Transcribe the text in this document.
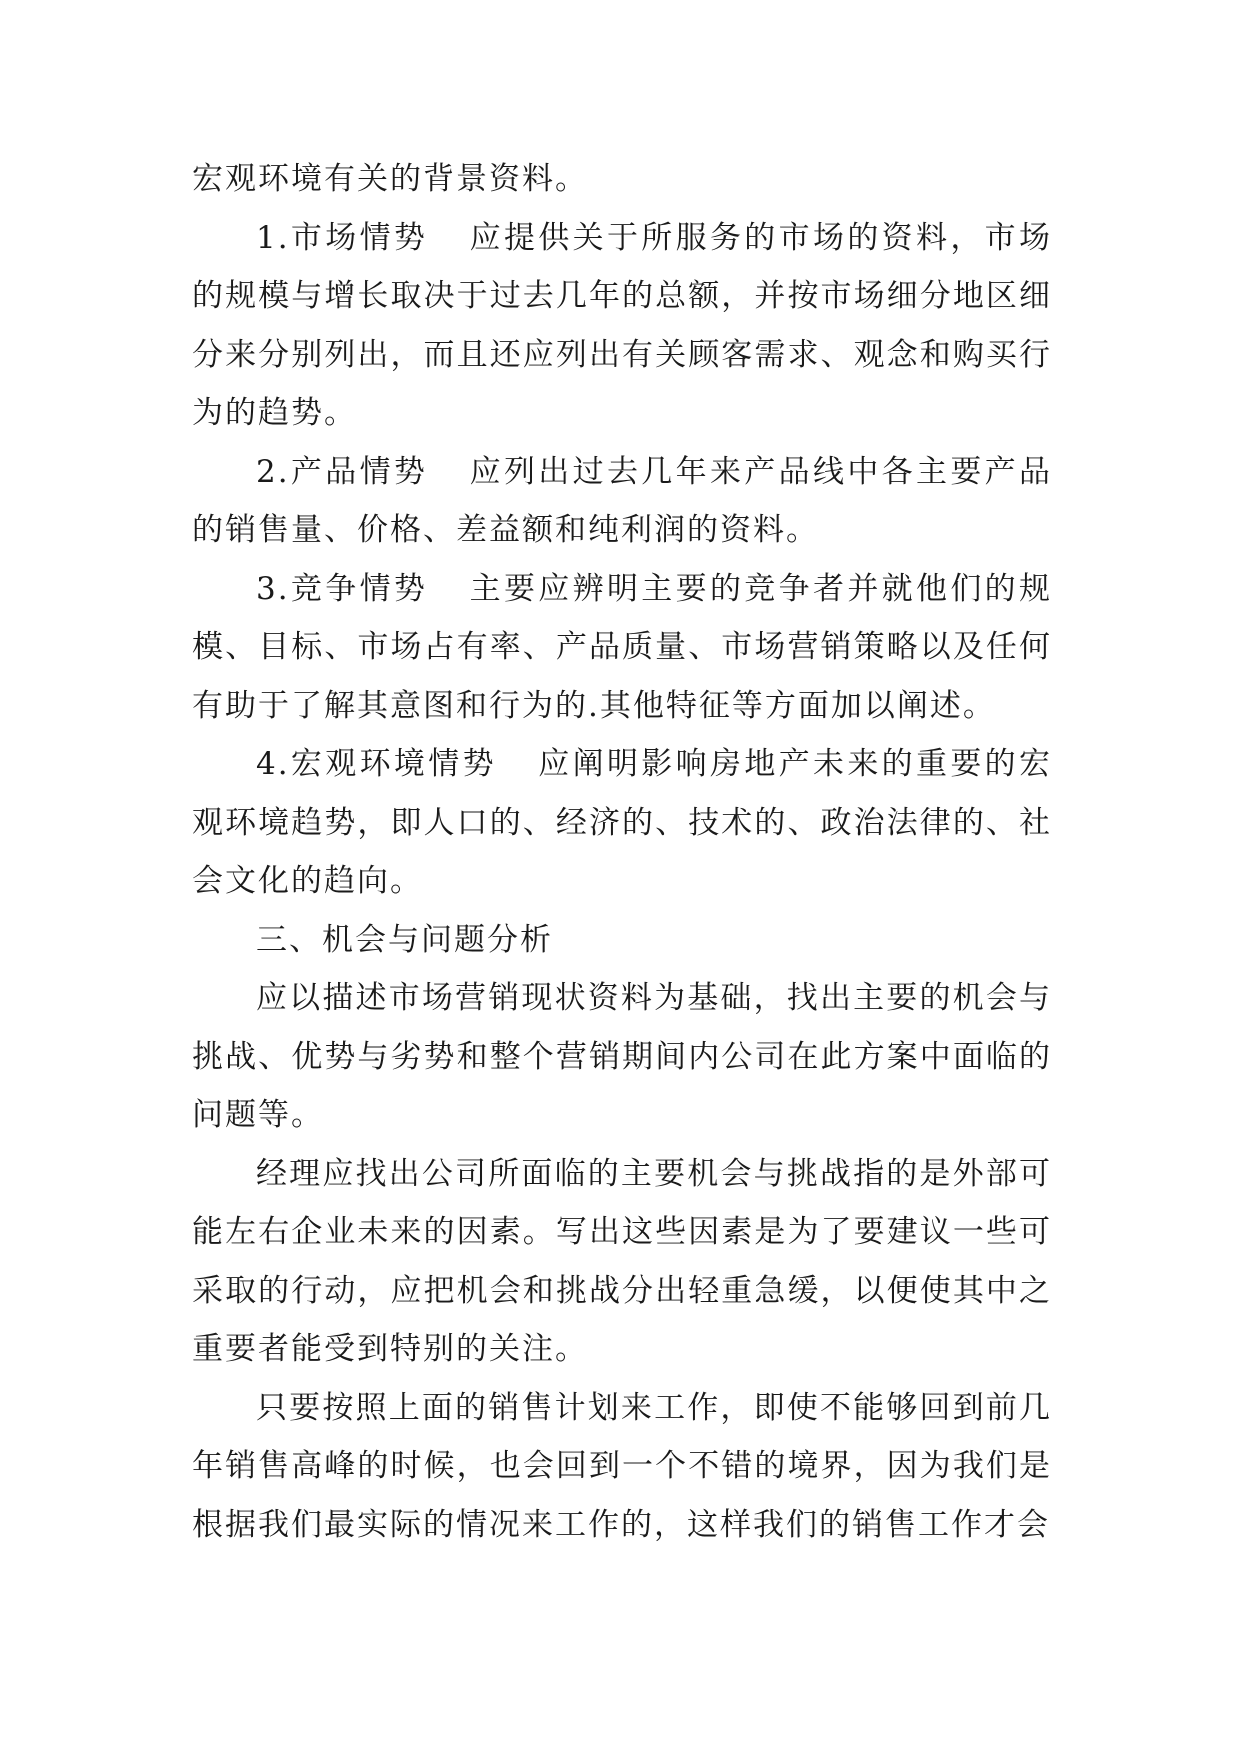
宏观环境有关的背景资料。

1.市场情势 应提供关于所服务的市场的资料，市场的规模与增长取决于过去几年的总额，并按市场细分地区细分来分别列出，而且还应列出有关顾客需求、观念和购买行为的趋势。

2.产品情势 应列出过去几年来产品线中各主要产品的销售量、价格、差益额和纯利润的资料。

3.竞争情势 主要应辨明主要的竞争者并就他们的规模、目标、市场占有率、产品质量、市场营销策略以及任何有助于了解其意图和行为的.其他特征等方面加以阐述。

4.宏观环境情势 应阐明影响房地产未来的重要的宏观环境趋势，即人口的、经济的、技术的、政治法律的、社会文化的趋向。

三、机会与问题分析

应以描述市场营销现状资料为基础，找出主要的机会与挑战、优势与劣势和整个营销期间内公司在此方案中面临的问题等。

经理应找出公司所面临的主要机会与挑战指的是外部可能左右企业未来的因素。写出这些因素是为了要建议一些可采取的行动，应把机会和挑战分出轻重急缓，以便使其中之重要者能受到特别的关注。

只要按照上面的销售计划来工作，即使不能够回到前几年销售高峰的时候，也会回到一个不错的境界，因为我们是根据我们最实际的情况来工作的，这样我们的销售工作才会
